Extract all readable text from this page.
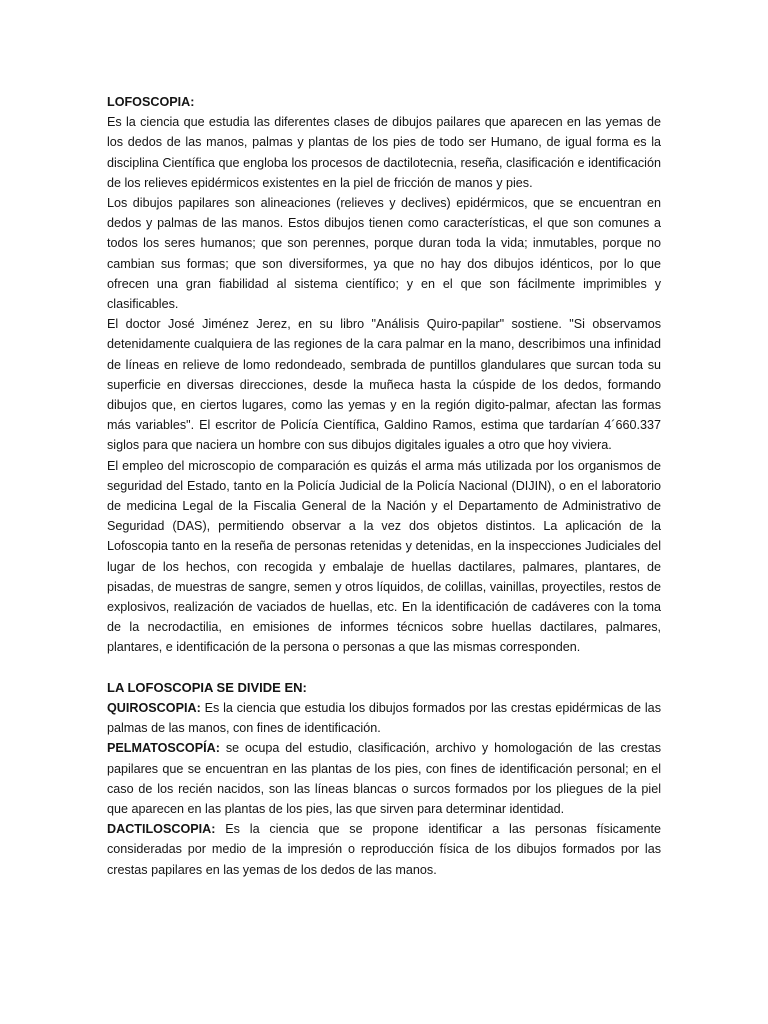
LOFOSCOPIA:

Es la ciencia que estudia las diferentes clases de dibujos pailares que aparecen en las yemas de los dedos de las manos, palmas y plantas de los pies de todo ser Humano, de igual forma es la disciplina Científica que engloba los procesos de dactilotecnia, reseña, clasificación e identificación de los relieves epidérmicos existentes en la piel de fricción de manos y pies.

Los dibujos papilares son alineaciones (relieves y declives) epidérmicos, que se encuentran en dedos y palmas de las manos. Estos dibujos tienen como características, el que son comunes a todos los seres humanos; que son perennes, porque duran toda la vida; inmutables, porque no cambian sus formas; que son diversiformes, ya que no hay dos dibujos idénticos, por lo que ofrecen una gran fiabilidad al sistema científico; y en el que son fácilmente imprimibles y clasificables.

El doctor José Jiménez Jerez, en su libro "Análisis Quiro-papilar" sostiene. "Si observamos detenidamente cualquiera de las regiones de la cara palmar en la mano, describimos una infinidad de líneas en relieve de lomo redondeado, sembrada de puntillos glandulares que surcan toda su superficie en diversas direcciones, desde la muñeca hasta la cúspide de los dedos, formando dibujos que, en ciertos lugares, como las yemas y en la región digito-palmar, afectan las formas más variables". El escritor de Policía Científica, Galdino Ramos, estima que tardarían 4´660.337 siglos para que naciera un hombre con sus dibujos digitales iguales a otro que hoy viviera.

El empleo del microscopio de comparación es quizás el arma más utilizada por los organismos de seguridad del Estado, tanto en la Policía Judicial de la Policía Nacional (DIJIN), o en el laboratorio de medicina Legal de la Fiscalia General de la Nación y el Departamento de Administrativo de Seguridad (DAS), permitiendo observar a la vez dos objetos distintos. La aplicación de la Lofoscopia tanto en la reseña de personas retenidas y detenidas, en la inspecciones Judiciales del lugar de los hechos, con recogida y embalaje de huellas dactilares, palmares, plantares, de pisadas, de muestras de sangre, semen y otros líquidos, de colillas, vainillas, proyectiles, restos de explosivos, realización de vaciados de huellas, etc. En la identificación de cadáveres con la toma de la necrodactilia, en emisiones de informes técnicos sobre huellas dactilares, palmares, plantares, e identificación de la persona o personas a que las mismas corresponden.

LA LOFOSCOPIA SE DIVIDE EN:

QUIROSCOPIA: Es la ciencia que estudia los dibujos formados por las crestas epidérmicas de las palmas de las manos, con fines de identificación.

PELMATOSCOPÍA: se ocupa del estudio, clasificación, archivo y homologación de las crestas papilares que se encuentran en las plantas de los pies, con fines de identificación personal; en el caso de los recién nacidos, son las líneas blancas o surcos formados por los pliegues de la piel que aparecen en las plantas de los pies, las que sirven para determinar identidad.

DACTILOSCOPIA: Es la ciencia que se propone identificar a las personas físicamente consideradas por medio de la impresión o reproducción física de los dibujos formados por las crestas papilares en las yemas de los dedos de las manos.
